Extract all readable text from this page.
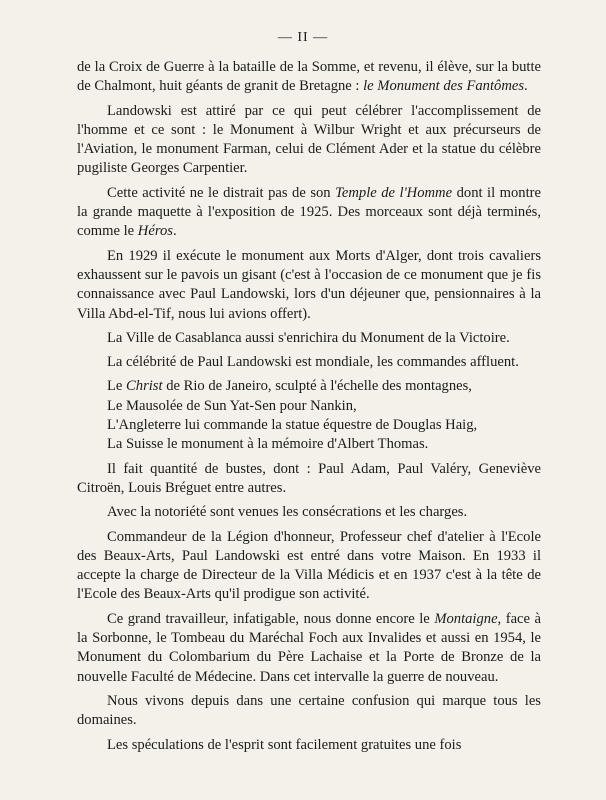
— II —

de la Croix de Guerre à la bataille de la Somme, et revenu, il élève, sur la butte de Chalmont, huit géants de granit de Bretagne : le Monument des Fantômes.

Landowski est attiré par ce qui peut célébrer l'accomplissement de l'homme et ce sont : le Monument à Wilbur Wright et aux précurseurs de l'Aviation, le monument Farman, celui de Clément Ader et la statue du célèbre pugiliste Georges Carpentier.

Cette activité ne le distrait pas de son Temple de l'Homme dont il montre la grande maquette à l'exposition de 1925. Des morceaux sont déjà terminés, comme le Héros.

En 1929 il exécute le monument aux Morts d'Alger, dont trois cavaliers exhaussent sur le pavois un gisant (c'est à l'occasion de ce monument que je fis connaissance avec Paul Landowski, lors d'un déjeuner que, pensionnaires à la Villa Abd-el-Tif, nous lui avions offert).

La Ville de Casablanca aussi s'enrichira du Monument de la Victoire.

La célébrité de Paul Landowski est mondiale, les commandes affluent.

Le Christ de Rio de Janeiro, sculpté à l'échelle des montagnes,

Le Mausolée de Sun Yat-Sen pour Nankin,

L'Angleterre lui commande la statue équestre de Douglas Haig,

La Suisse le monument à la mémoire d'Albert Thomas.

Il fait quantité de bustes, dont : Paul Adam, Paul Valéry, Geneviève Citroën, Louis Bréguet entre autres.

Avec la notoriété sont venues les consécrations et les charges.

Commandeur de la Légion d'honneur, Professeur chef d'atelier à l'Ecole des Beaux-Arts, Paul Landowski est entré dans votre Maison. En 1933 il accepte la charge de Directeur de la Villa Médicis et en 1937 c'est à la tête de l'Ecole des Beaux-Arts qu'il prodigue son activité.

Ce grand travailleur, infatigable, nous donne encore le Montaigne, face à la Sorbonne, le Tombeau du Maréchal Foch aux Invalides et aussi en 1954, le Monument du Colombarium du Père Lachaise et la Porte de Bronze de la nouvelle Faculté de Médecine. Dans cet intervalle la guerre de nouveau.

Nous vivons depuis dans une certaine confusion qui marque tous les domaines.

Les spéculations de l'esprit sont facilement gratuites une fois
